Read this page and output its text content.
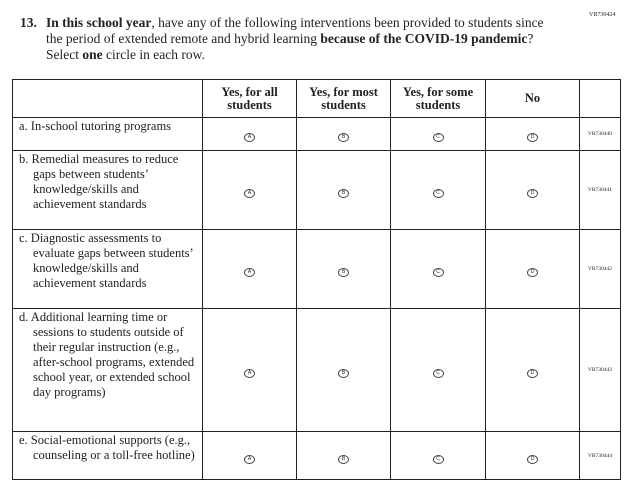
VR730424
13. In this school year, have any of the following interventions been provided to students since the period of extended remote and hybrid learning because of the COVID-19 pandemic? Select one circle in each row.
	Yes, for all students	Yes, for most students	Yes, for some students	No	
a. In-school tutoring programs	A	B	C	D	VR730440
b. Remedial measures to reduce gaps between students’ knowledge/skills and achievement standards	A	B	C	D	VR730441
c. Diagnostic assessments to evaluate gaps between students’ knowledge/skills and achievement standards	A	B	C	D	VR730442
d. Additional learning time or sessions to students outside of their regular instruction (e.g., after-school programs, extended school year, or extended school day programs)	A	B	C	D	VR730443
e. Social-emotional supports (e.g., counseling or a toll-free hotline)	A	B	C	D	VR730444
